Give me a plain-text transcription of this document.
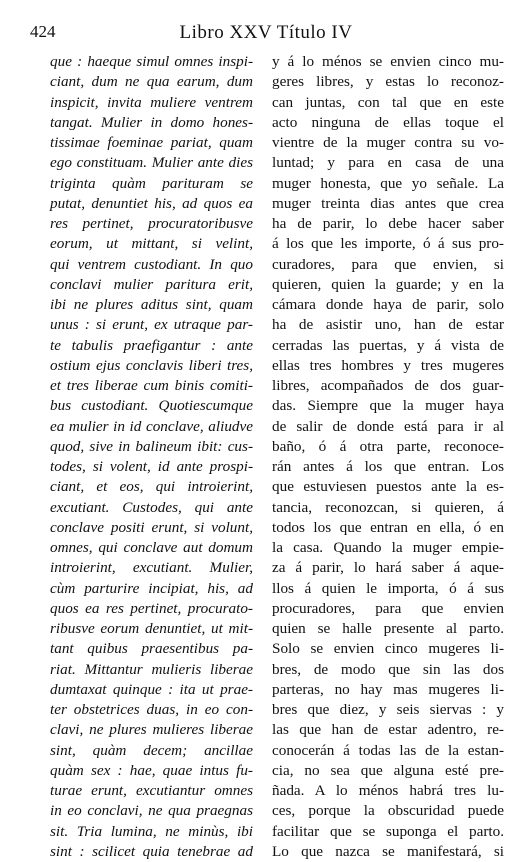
424	Libro XXV Título IV
que : haeque simul omnes inspi-
ciant, dum ne qua earum, dum
inspicit, invita muliere ventrem
tangat. Mulier in domo hones-
tissimae foeminae pariat, quam
ego constituam. Mulier ante dies
triginta quàm parituram se
putat, denuntiet his, ad quos ea
res pertinet, procuratoribusve
eorum, ut mittant, si velint,
qui ventrem custodiant. In quo
conclavi mulier paritura erit,
ibi ne plures aditus sint, quam
unus : si erunt, ex utraque par-
te tabulis praefigantur : ante
ostium ejus conclavis liberi tres,
et tres liberae cum binis comiti-
bus custodiant. Quotiescumque
ea mulier in id conclave, aliudve
quod, sive in balineum ibit: cus-
todes, si volent, id ante prospi-
ciant, et eos, qui introierint,
excutiant. Custodes, qui ante
conclave positi erunt, si volunt,
omnes, qui conclave aut domum
introierint, excutiant. Mulier,
cùm parturire incipiat, his, ad
quos ea res pertinet, procurato-
ribusve eorum denuntiet, ut mit-
tant quibus praesentibus pa-
riat. Mittantur mulieris liberae
dumtaxat quinque : ita ut prae-
ter obstetrices duas, in eo con-
clavi, ne plures mulieres liberae
sint, quàm decem; ancillae
quàm sex : hae, quae intus fu-
turae erunt, excutiantur omnes
in eo conclavi, ne qua praegnas
sit. Tria lumina, ne minùs, ibi
sint : scilicet quia tenebrae ad
y á lo ménos se envien cinco mu-
geres libres, y estas lo reconoz-
can juntas, con tal que en este
acto ninguna de ellas toque el
vientre de la muger contra su vo-
luntad; y para en casa de una
muger honesta, que yo señale. La
muger treinta dias antes que crea
ha de parir, lo debe hacer saber
á los que les importe, ó á sus pro-
curadores, para que envien, si
quieren, quien la guarde; y en la
cámara donde haya de parir, solo
ha de asistir uno, han de estar
cerradas las puertas, y á vista de
ellas tres hombres y tres mugeres
libres, acompañados de dos guar-
das. Siempre que la muger haya
de salir de donde está para ir al
baño, ó á otra parte, reconoce-
rán antes á los que entran. Los
que estuviesen puestos ante la es-
tancia, reconozcan, si quieren, á
todos los que entran en ella, ó en
la casa. Quando la muger empie-
za á parir, lo hará saber á aque-
llos á quien le importa, ó á sus
procuradores, para que envien
quien se halle presente al parto.
Solo se envien cinco mugeres li-
bres, de modo que sin las dos
parteras, no hay mas mugeres li-
bres que diez, y seis siervas : y
las que han de estar adentro, re-
conocerán á todas las de la estan-
cia, no sea que alguna esté pre-
ñada. A lo ménos habrá tres lu-
ces, porque la obscuridad puede
facilitar que se suponga el parto.
Lo que nazca se manifestará, si
